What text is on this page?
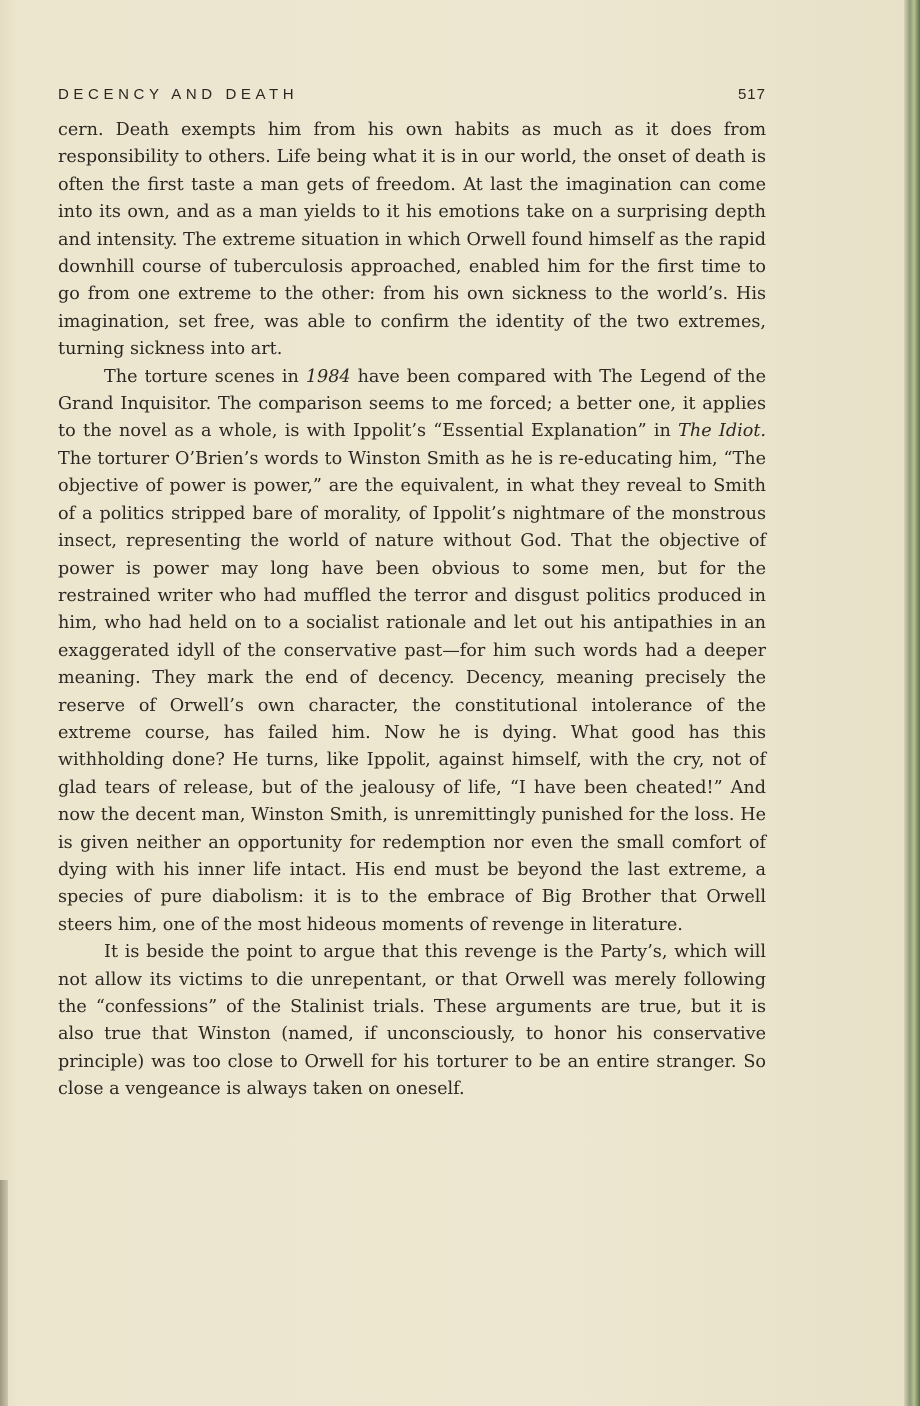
DECENCY AND DEATH	517

cern. Death exempts him from his own habits as much as it does from responsibility to others. Life being what it is in our world, the onset of death is often the first taste a man gets of freedom. At last the imagination can come into its own, and as a man yields to it his emotions take on a surprising depth and intensity. The extreme situation in which Orwell found himself as the rapid downhill course of tuberculosis approached, enabled him for the first time to go from one extreme to the other: from his own sickness to the world’s. His imagination, set free, was able to confirm the identity of the two extremes, turning sickness into art.

The torture scenes in 1984 have been compared with The Legend of the Grand Inquisitor. The comparison seems to me forced; a better one, it applies to the novel as a whole, is with Ippolit’s “Essential Explanation” in The Idiot. The torturer O’Brien’s words to Winston Smith as he is re-educating him, “The objective of power is power,” are the equivalent, in what they reveal to Smith of a politics stripped bare of morality, of Ippolit’s nightmare of the monstrous insect, representing the world of nature without God. That the objective of power is power may long have been obvious to some men, but for the restrained writer who had muffled the terror and disgust politics produced in him, who had held on to a socialist rationale and let out his antipathies in an exaggerated idyll of the conservative past—for him such words had a deeper meaning. They mark the end of decency. Decency, meaning precisely the reserve of Orwell’s own character, the constitutional intolerance of the extreme course, has failed him. Now he is dying. What good has this withholding done? He turns, like Ippolit, against himself, with the cry, not of glad tears of release, but of the jealousy of life, “I have been cheated!” And now the decent man, Winston Smith, is unremittingly punished for the loss. He is given neither an opportunity for redemption nor even the small comfort of dying with his inner life intact. His end must be beyond the last extreme, a species of pure diabolism: it is to the embrace of Big Brother that Orwell steers him, one of the most hideous moments of revenge in literature.

It is beside the point to argue that this revenge is the Party’s, which will not allow its victims to die unrepentant, or that Orwell was merely following the “confessions” of the Stalinist trials. These arguments are true, but it is also true that Winston (named, if unconsciously, to honor his conservative principle) was too close to Orwell for his torturer to be an entire stranger. So close a vengeance is always taken on oneself.
